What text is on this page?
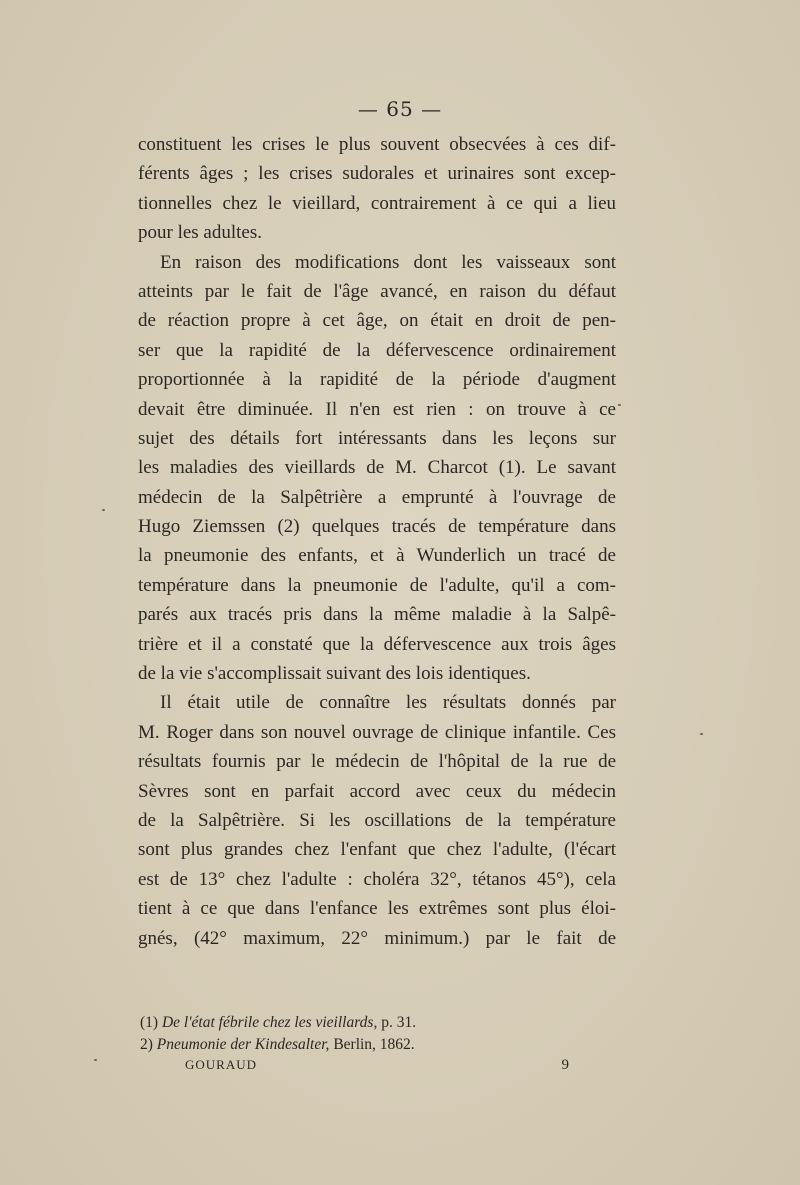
— 65 —
constituent les crises le plus souvent obsecvées à ces dif-
férents âges ; les crises sudorales et urinaires sont excep-
tionnelles chez le vieillard, contrairement à ce qui a lieu
pour les adultes.
En raison des modifications dont les vaisseaux sont
atteints par le fait de l'âge avancé, en raison du défaut
de réaction propre à cet âge, on était en droit de pen-
ser que la rapidité de la défervescence ordinairement
proportionnée à la rapidité de la période d'augment
devait être diminuée. Il n'en est rien : on trouve à ce
sujet des détails fort intéressants dans les leçons sur
les maladies des vieillards de M. Charcot (1). Le savant
médecin de la Salpêtrière a emprunté à l'ouvrage de
Hugo Ziemssen (2) quelques tracés de température dans
la pneumonie des enfants, et à Wunderlich un tracé de
température dans la pneumonie de l'adulte, qu'il a com-
parés aux tracés pris dans la même maladie à la Salpê-
trière et il a constaté que la défervescence aux trois âges
de la vie s'accomplissait suivant des lois identiques.
Il était utile de connaître les résultats donnés par
M. Roger dans son nouvel ouvrage de clinique infantile. Ces
résultats fournis par le médecin de l'hôpital de la rue de
Sèvres sont en parfait accord avec ceux du médecin
de la Salpêtrière. Si les oscillations de la température
sont plus grandes chez l'enfant que chez l'adulte, (l'écart
est de 13° chez l'adulte : choléra 32°, tétanos 45°), cela
tient à ce que dans l'enfance les extrêmes sont plus éloi-
gnés, (42° maximum, 22° minimum.) par le fait de
(1) De l'état fébrile chez les vieillards, p. 31.
2) Pneumonie der Kindesalter, Berlin, 1862.
GOURAUD	9
